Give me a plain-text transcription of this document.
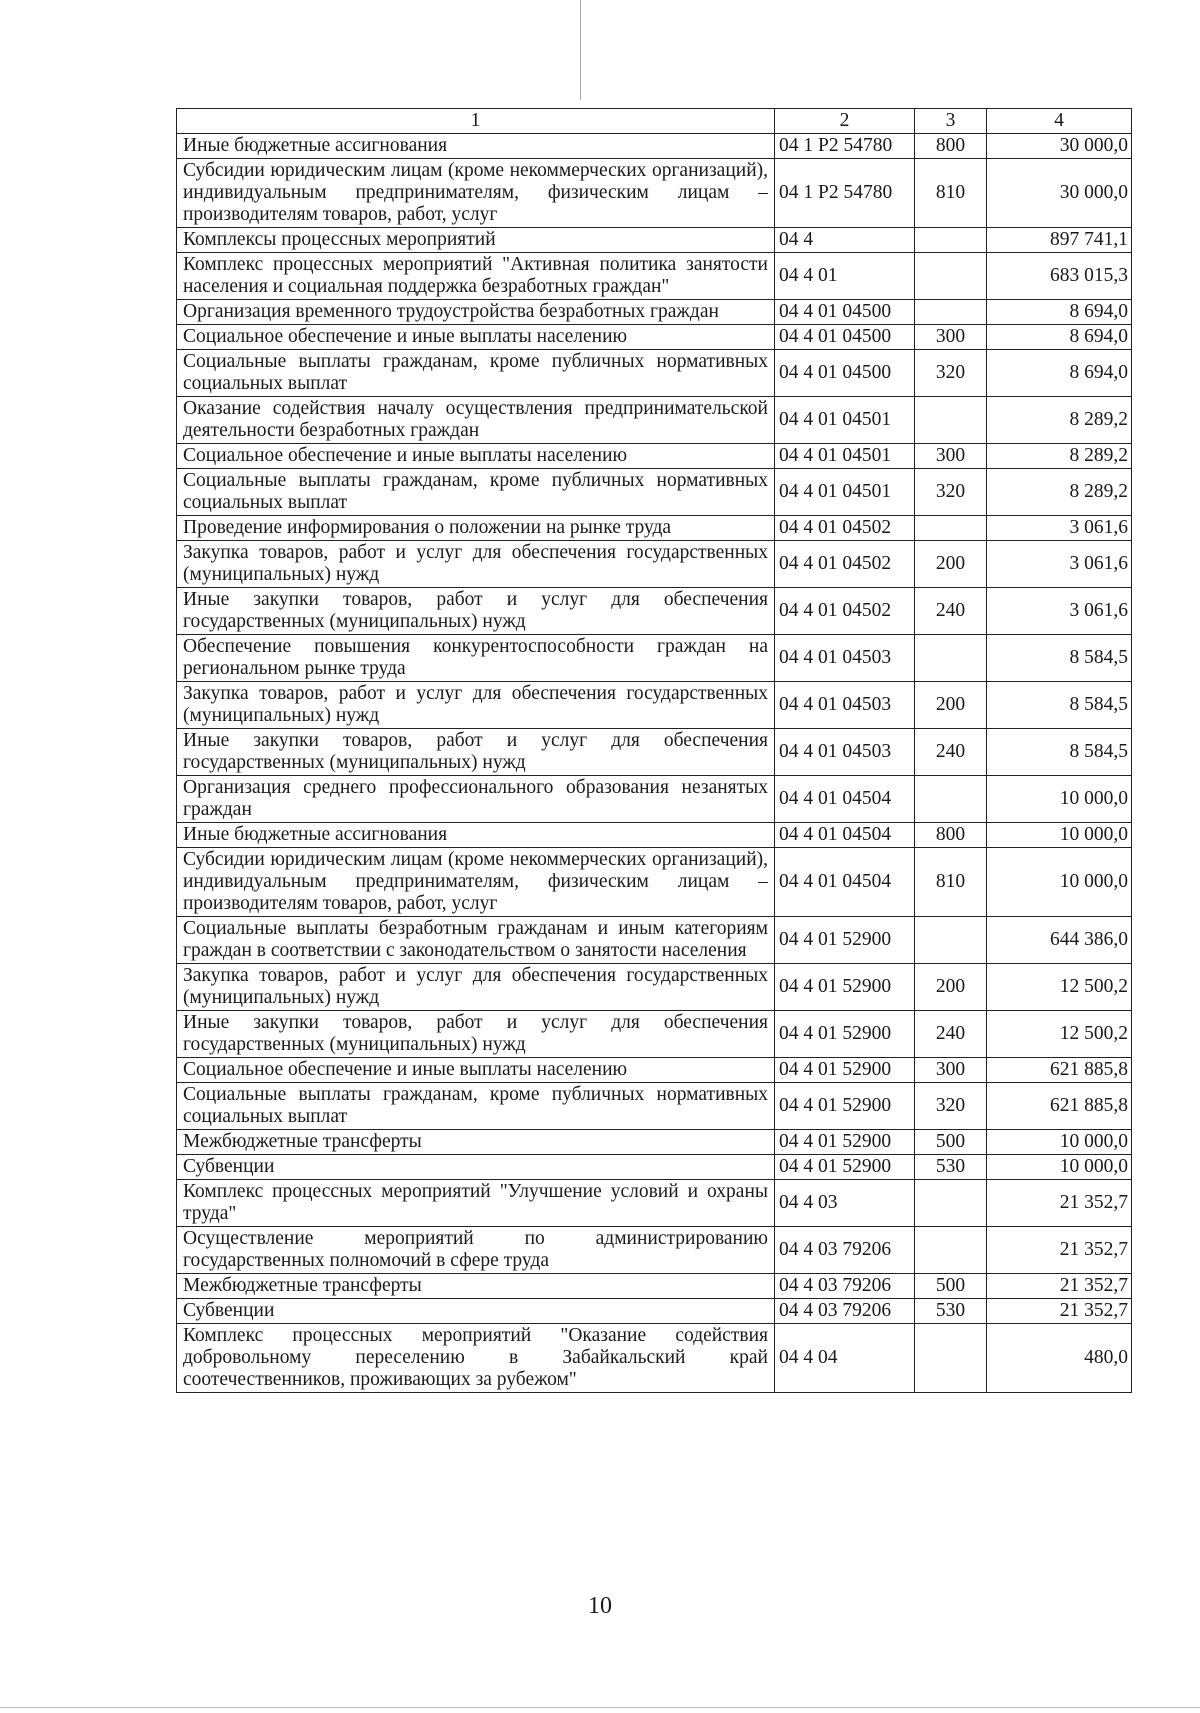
1	2	3	4
Иные бюджетные ассигнования	04 1 P2 54780	800	30 000,0
Субсидии юридическим лицам (кроме некоммерческих организаций), индивидуальным предпринимателям, физическим лицам – производителям товаров, работ, услуг	04 1 P2 54780	810	30 000,0
Комплексы процессных мероприятий	04 4		897 741,1
Комплекс процессных мероприятий "Активная политика занятости населения и социальная поддержка безработных граждан"	04 4 01		683 015,3
Организация временного трудоустройства безработных граждан	04 4 01 04500		8 694,0
Социальное обеспечение и иные выплаты населению	04 4 01 04500	300	8 694,0
Социальные выплаты гражданам, кроме публичных нормативных социальных выплат	04 4 01 04500	320	8 694,0
Оказание содействия началу осуществления предпринимательской деятельности безработных граждан	04 4 01 04501		8 289,2
Социальное обеспечение и иные выплаты населению	04 4 01 04501	300	8 289,2
Социальные выплаты гражданам, кроме публичных нормативных социальных выплат	04 4 01 04501	320	8 289,2
Проведение информирования о положении на рынке труда	04 4 01 04502		3 061,6
Закупка товаров, работ и услуг для обеспечения государственных (муниципальных) нужд	04 4 01 04502	200	3 061,6
Иные закупки товаров, работ и услуг для обеспечения государственных (муниципальных) нужд	04 4 01 04502	240	3 061,6
Обеспечение повышения конкурентоспособности граждан на региональном рынке труда	04 4 01 04503		8 584,5
Закупка товаров, работ и услуг для обеспечения государственных (муниципальных) нужд	04 4 01 04503	200	8 584,5
Иные закупки товаров, работ и услуг для обеспечения государственных (муниципальных) нужд	04 4 01 04503	240	8 584,5
Организация среднего профессионального образования незанятых граждан	04 4 01 04504		10 000,0
Иные бюджетные ассигнования	04 4 01 04504	800	10 000,0
Субсидии юридическим лицам (кроме некоммерческих организаций), индивидуальным предпринимателям, физическим лицам – производителям товаров, работ, услуг	04 4 01 04504	810	10 000,0
Социальные выплаты безработным гражданам и иным категориям граждан в соответствии с законодательством о занятости населения	04 4 01 52900		644 386,0
Закупка товаров, работ и услуг для обеспечения государственных (муниципальных) нужд	04 4 01 52900	200	12 500,2
Иные закупки товаров, работ и услуг для обеспечения государственных (муниципальных) нужд	04 4 01 52900	240	12 500,2
Социальное обеспечение и иные выплаты населению	04 4 01 52900	300	621 885,8
Социальные выплаты гражданам, кроме публичных нормативных социальных выплат	04 4 01 52900	320	621 885,8
Межбюджетные трансферты	04 4 01 52900	500	10 000,0
Субвенции	04 4 01 52900	530	10 000,0
Комплекс процессных мероприятий "Улучшение условий и охраны труда"	04 4 03		21 352,7
Осуществление мероприятий по администрированию государственных полномочий в сфере труда	04 4 03 79206		21 352,7
Межбюджетные трансферты	04 4 03 79206	500	21 352,7
Субвенции	04 4 03 79206	530	21 352,7
Комплекс процессных мероприятий "Оказание содействия добровольному переселению в Забайкальский край соотечественников, проживающих за рубежом"	04 4 04		480,0
10
